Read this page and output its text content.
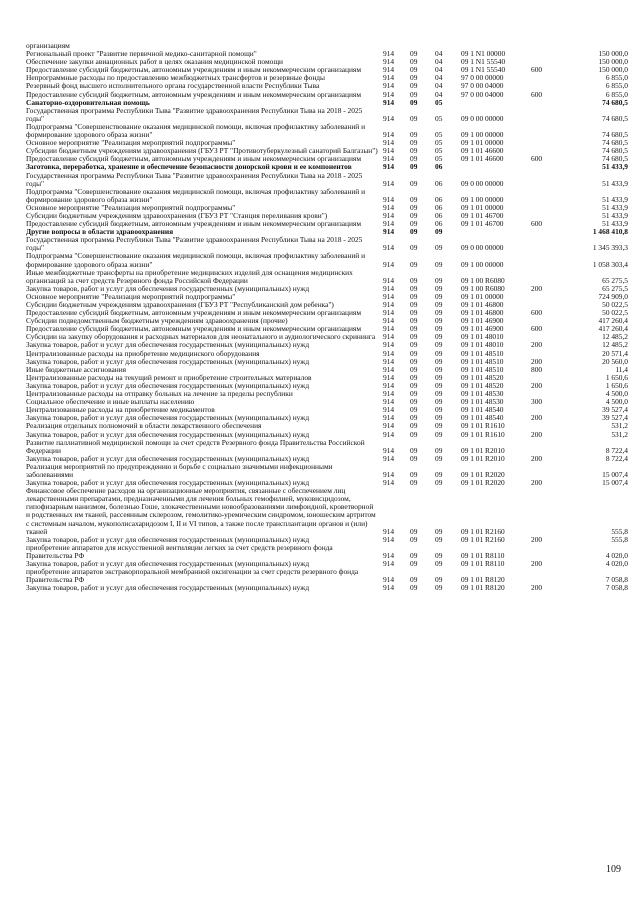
организациям
Региональный проект "Развитие первичной медико-санитарной помощи"	914	09	04	09 1 N1 00000	150 000,0
Обеспечение закупки авиационных работ в целях оказания медицинской помощи	914	09	04	09 1 N1 55540	150 000,0
Предоставление субсидий бюджетным, автономным учреждениям и иным некоммерческим организациям	914	09	04	09 1 N1 55540	600	150 000,0
Непрограммные расходы по предоставлению межбюджетных трансфертов и резервные фонды	914	09	04	97 0 00 00000	6 855,0
Резервный фонд высшего исполнительного органа государственной власти Республики Тыва	914	09	04	97 0 00 04000	6 855,0
Предоставление субсидий бюджетным, автономным учреждениям и иным некоммерческим организациям	914	09	04	97 0 00 04000	600	6 855,0
Санаторно-оздоровительная помощь	914	09	05	74 680,5
Государственная программа Республики Тыва "Развитие здравоохранения Республики Тыва на 2018 - 2025 годы"	914	09	05	09 0 00 00000	74 680,5
Подпрограмма "Совершенствование оказания медицинской помощи, включая профилактику заболеваний и формирование здорового образа жизни"	914	09	05	09 1 00 00000	74 680,5
Основное мероприятие "Реализация мероприятий подпрограммы"	914	09	05	09 1 01 00000	74 680,5
Субсидии бюджетным учреждениям здравоохранения (ГБУЗ РТ "Противотуберкулезный санаторий Балгазын") 914	09	05	09 1 01 46600	74 680,5
Предоставление субсидий бюджетным, автономным учреждениям и иным некоммерческим организациям	914	09	05	09 1 01 46600	600	74 680,5
Заготовка, переработка, хранение и обеспечение безопасности донорской крови и ее компонентов	914	09	06	51 433,9
Государственная программа Республики Тыва "Развитие здравоохранения Республики Тыва на 2018 - 2025 годы"	914	09	06	09 0 00 00000	51 433,9
Подпрограмма "Совершенствование оказания медицинской помощи, включая профилактику заболеваний и формирование здорового образа жизни"	914	09	06	09 1 00 00000	51 433,9
Основное мероприятие "Реализация мероприятий подпрограммы"	914	09	06	09 1 01 00000	51 433,9
Субсидии бюджетным учреждениям здравоохранения (ГБУЗ РТ "Станция переливания крови")	914	09	06	09 1 01 46700	51 433,9
Предоставление субсидий бюджетным, автономным учреждениям и иным некоммерческим организациям	914	09	06	09 1 01 46700	600	51 433,9
Другие вопросы в области здравоохранения	914	09	09	1 468 410,8
Государственная программа Республики Тыва "Развитие здравоохранения Республики Тыва на 2018 - 2025 годы"	914	09	09	09 0 00 00000	1 345 393,3
Подпрограмма "Совершенствование оказания медицинской помощи, включая профилактику заболеваний и формирование здорового образа жизни"	914	09	09	09 1 00 00000	1 058 303,4
Иные межбюджетные трансферты на приобретение медицинских изделий для оснащения медицинских организаций за счет средств Резервного фонда Российской Федерации	914	09	09	09 1 00 R6080	65 275,5
Закупка товаров, работ и услуг для обеспечения государственных (муниципальных) нужд	914	09	09	09 1 00 R6080	200	65 275,5
Основное мероприятие "Реализация мероприятий подпрограммы"	914	09	09	09 1 01 00000	724 909,0
Субсидии бюджетным учреждениям здравоохранения (ГБУЗ РТ "Республиканский дом ребенка")	914	09	09	09 1 01 46800	50 022,5
Предоставление субсидий бюджетным, автономным учреждениям и иным некоммерческим организациям	914	09	09	09 1 01 46800	600	50 022,5
Субсидии подведомственным бюджетным учреждениям здравоохранения (прочие)	914	09	09	09 1 01 46900	417 260,4
Предоставление субсидий бюджетным, автономным учреждениям и иным некоммерческим организациям	914	09	09	09 1 01 46900	600	417 260,4
Субсидии на закупку оборудования и расходных материалов для неонатального и аудиологического скрининга	914	09	09	09 1 01 48010	12 485,2
Закупка товаров, работ и услуг для обеспечения государственных (муниципальных) нужд	914	09	09	09 1 01 48010	200	12 485,2
Централизованные расходы на приобретение медицинского оборудования	914	09	09	09 1 01 48510	20 571,4
Закупка товаров, работ и услуг для обеспечения государственных (муниципальных) нужд	914	09	09	09 1 01 48510	200	20 560,0
Иные бюджетные ассигнования	914	09	09	09 1 01 48510	800	11,4
Централизованные расходы на текущий ремонт и приобретение строительных материалов	914	09	09	09 1 01 48520	1 650,6
Закупка товаров, работ и услуг для обеспечения государственных (муниципальных) нужд	914	09	09	09 1 01 48520	200	1 650,6
Централизованные расходы на отправку больных на лечение за пределы республики	914	09	09	09 1 01 48530	4 500,0
Социальное обеспечение и иные выплаты населению	914	09	09	09 1 01 48530	300	4 500,0
Централизованные расходы на приобретение медикаментов	914	09	09	09 1 01 48540	39 527,4
Закупка товаров, работ и услуг для обеспечения государственных (муниципальных) нужд	914	09	09	09 1 01 48540	200	39 527,4
Реализация отдельных полномочий в области лекарственного обеспечения	914	09	09	09 1 01 R1610	531,2
Закупка товаров, работ и услуг для обеспечения государственных (муниципальных) нужд	914	09	09	09 1 01 R1610	200	531,2
Развитие паллиативной медицинской помощи за счет средств Резервного фонда Правительства Российской Федерации	914	09	09	09 1 01 R2010	8 722,4
Закупка товаров, работ и услуг для обеспечения государственных (муниципальных) нужд	914	09	09	09 1 01 R2010	200	8 722,4
Реализация мероприятий по предупреждению и борьбе с социально значимыми инфекционными заболеваниями	914	09	09	09 1 01 R2020	15 007,4
Закупка товаров, работ и услуг для обеспечения государственных (муниципальных) нужд	914	09	09	09 1 01 R2020	200	15 007,4
Финансовое обеспечение расходов на организационные мероприятия, связанные с обеспечением лиц лекарственными препаратами, предназначенными для лечения больных гемофилией, муковисцидозом, гипофизарным нанизмом, болезнью Гоше, злокачественными новообразованиями лимфоидной, кроветворной и родственных им тканей, рассеянным склерозом, гемолитико-уремическим синдромом, юношеским артритом с системным началом, мукополисахаридозом I, II и VI типов, а также после трансплантации органов и (или) тканей	914	09	09	09 1 01 R2160	555,8
Закупка товаров, работ и услуг для обеспечения государственных (муниципальных) нужд	914	09	09	09 1 01 R2160	200	555,8
приобретение аппаратов для искусственной вентиляции легких за счет средств резервного фонда Правительства РФ	914	09	09	09 1 01 R8110	4 020,0
Закупка товаров, работ и услуг для обеспечения государственных (муниципальных) нужд	914	09	09	09 1 01 R8110	200	4 020,0
приобретение аппаратов экстракорпоральной мембранной оксигенации за счет средств резервного фонда Правительства РФ	914	09	09	09 1 01 R8120	7 058,8
Закупка товаров, работ и услуг для обеспечения государственных (муниципальных) нужд	914	09	09	09 1 01 R8120	200	7 058,8
109
